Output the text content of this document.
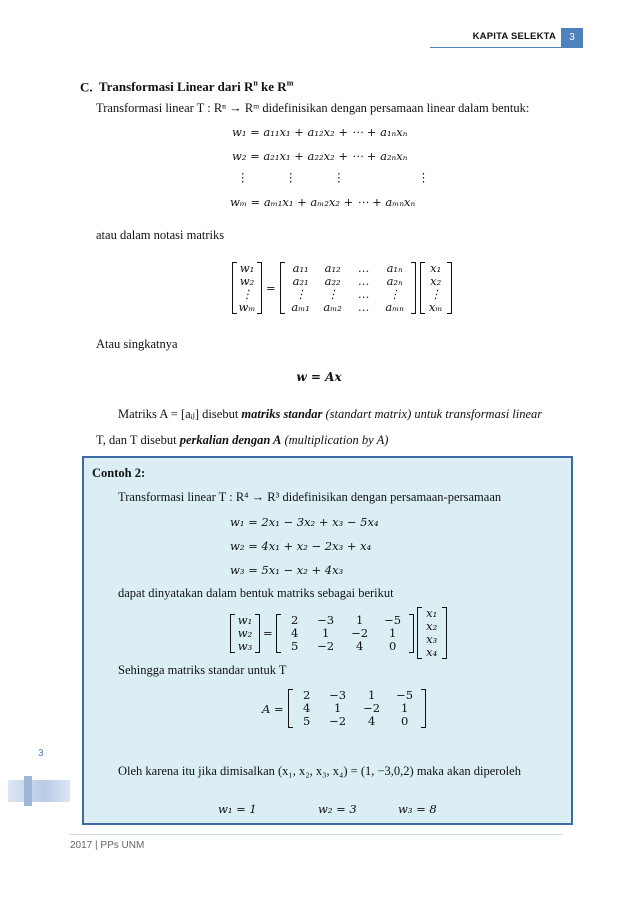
KAPITA SELEKTA	3
C. Transformasi Linear dari $R^n$ ke $R^m$
Transformasi linear T : Rⁿ → Rᵐ didefinisikan dengan persamaan linear dalam bentuk:
w₁ = a₁₁x₁ + a₁₂x₂ + ⋯ + a₁ₙxₙ
w₂ = a₂₁x₁ + a₂₂x₂ + ⋯ + a₂ₙxₙ
⋮          ⋮          ⋮                    ⋮
wₘ = aₘ₁x₁ + aₘ₂x₂ + ⋯ + aₘₙxₙ
atau dalam notasi matriks
w₁
w₂
⋮
wₘ
=
a₁₁	a₁₂	…	a₁ₙ
a₂₁	a₂₂	…	a₂ₙ
⋮	⋮	…	⋮
aₘ₁	aₘ₂	…	aₘₙ
x₁
x₂
⋮
xₘ
Atau singkatnya
w = Ax
Matriks A = [aᵢⱼ] disebut matriks standar (standart matrix) untuk transformasi linear
T, dan T disebut perkalian dengan A (multiplication by A)
Contoh 2:
Transformasi linear T : R⁴ → R³ didefinisikan dengan persamaan-persamaan
w₁ = 2x₁ − 3x₂ + x₃ − 5x₄
w₂ = 4x₁ + x₂ − 2x₃ + x₄
w₃ = 5x₁ − x₂ + 4x₃
dapat dinyatakan dalam bentuk matriks sebagai berikut
w₁
w₂
w₃
=
2	−3	1	−5
4	1	−2	1
5	−2	4	0
x₁
x₂
x₃
x₄
Sehingga matriks standar untuk T
A =
2	−3	1	−5
4	1	−2	1
5	−2	4	0
Oleh karena itu jika dimisalkan (x₁, x₂, x₃, x₄) = (1, −3,0,2) maka akan diperoleh
w₁ = 1	w₂ = 3	w₃ = 8
3
2017 | PPs UNM
